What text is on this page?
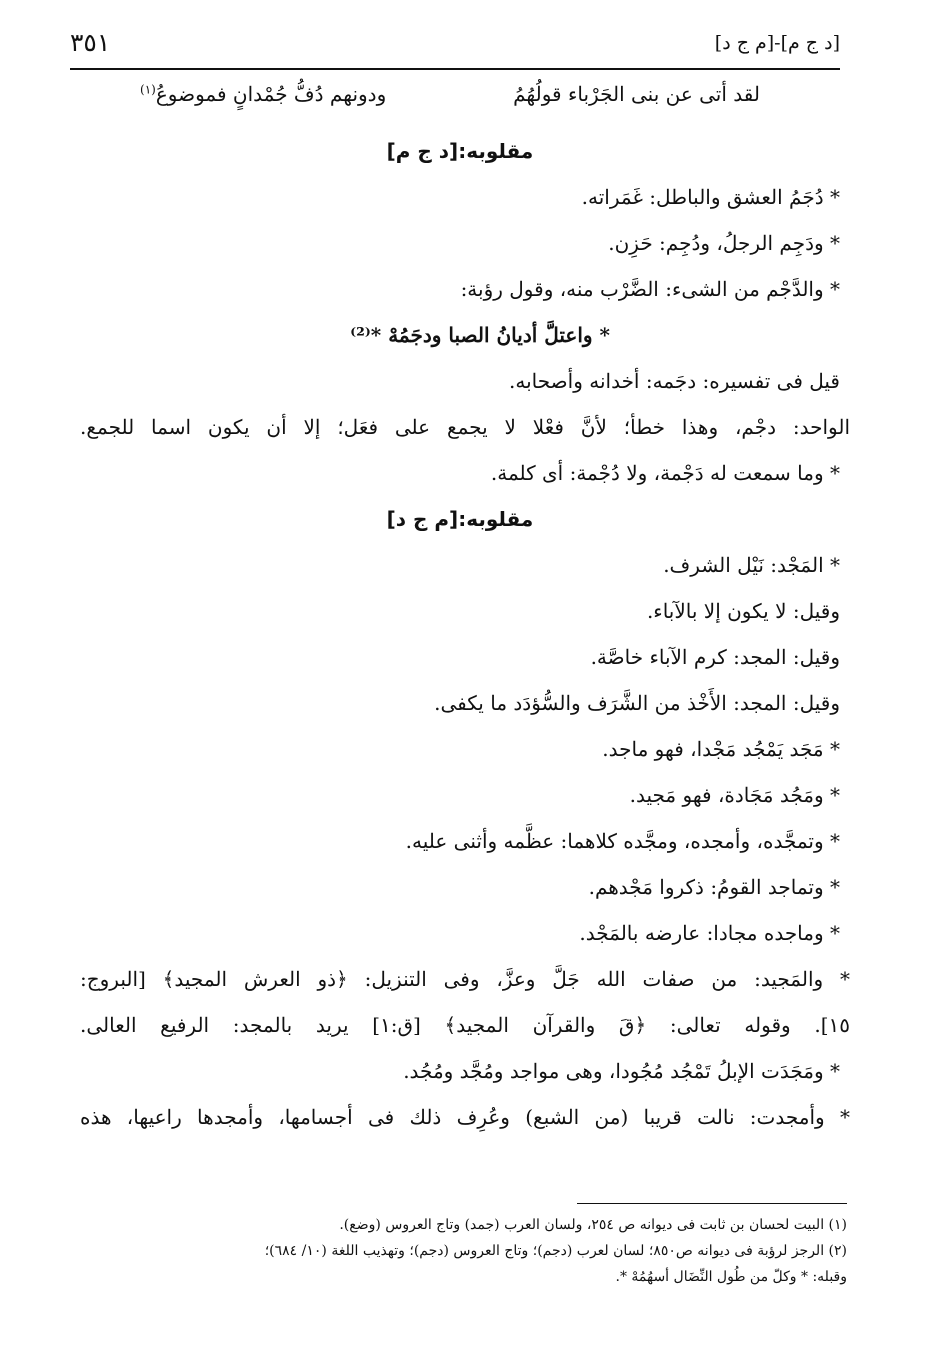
[د ج م]-[م ج د]
٣٥١
لقد أتى عن بنى الجَرْباء قولُهُمُ
ودونهم دُفُّ جُمْدانٍ فموضوعُ$^{(١)}$
مقلوبه:[د ج م]
* دُجَمُ العشق والباطل: غَمَراته.
* ودَجِم الرجلُ، ودُجِم: حَزِن.
* والدَّجْم من الشىء: الضَّرْب منه، وقول رؤبة:
* واعتلَّ أديانُ الصبا ودجَمُهْ *⁽²⁾
قيل فى تفسيره: دجَمه: أخدانه وأصحابه.
الواحد: دجْم، وهذا خطأ؛ لأنَّ فعْلا لا يجمع على فعَل؛ إلا أن يكون اسما للجمع.
* وما سمعت له دَجْمة، ولا دُجْمة: أى كلمة.
مقلوبه:[م ج د]
* المَجْد: نَيْل الشرف.
وقيل: لا يكون إلا بالآباء.
وقيل: المجد: كرم الآباء خاصَّة.
وقيل: المجد: الأَخْذ من الشَّرَف والسُّؤدَد ما يكفى.
* مَجَد يَمْجُد مَجْدا، فهو ماجد.
* ومَجُد مَجَادة، فهو مَجيد.
* وتمجَّده، وأمجده، ومجَّده كلاهما: عظَّمه وأثنى عليه.
* وتماجد القومُ: ذكروا مَجْدهم.
* وماجده مجادا: عارضه بالمَجْد.
* والمَجيد: من صفات الله جَلَّ وعزَّ، وفى التنزيل: ﴿ذو العرش المجيد﴾ [البروج:
١٥]. وقوله تعالى: ﴿قَ والقرآن المجيد﴾ [ق:١] يريد بالمجد: الرفيع العالى.
* ومَجَدَت الإبلُ تَمْجُد مُجُودا، وهى مواجد ومُجَّد ومُجُد.
* وأمجدت: نالت قريبا (من الشبع) وعُرِف ذلك فى أجسامها، وأمجدها راعيها، هذه
(١) البيت لحسان بن ثابت فى ديوانه ص ٢٥٤، ولسان العرب (جمد) وتاج العروس (وضع).
(٢) الرجز لرؤبة فى ديوانه ص٨٥٠؛ لسان لعرب (دجم)؛ وتاج العروس (دجم)؛ وتهذيب اللغة (١٠/ ٦٨٤)؛
وقبله: * وكلّ من طُول النِّضَال أسهُمُهْ *.
